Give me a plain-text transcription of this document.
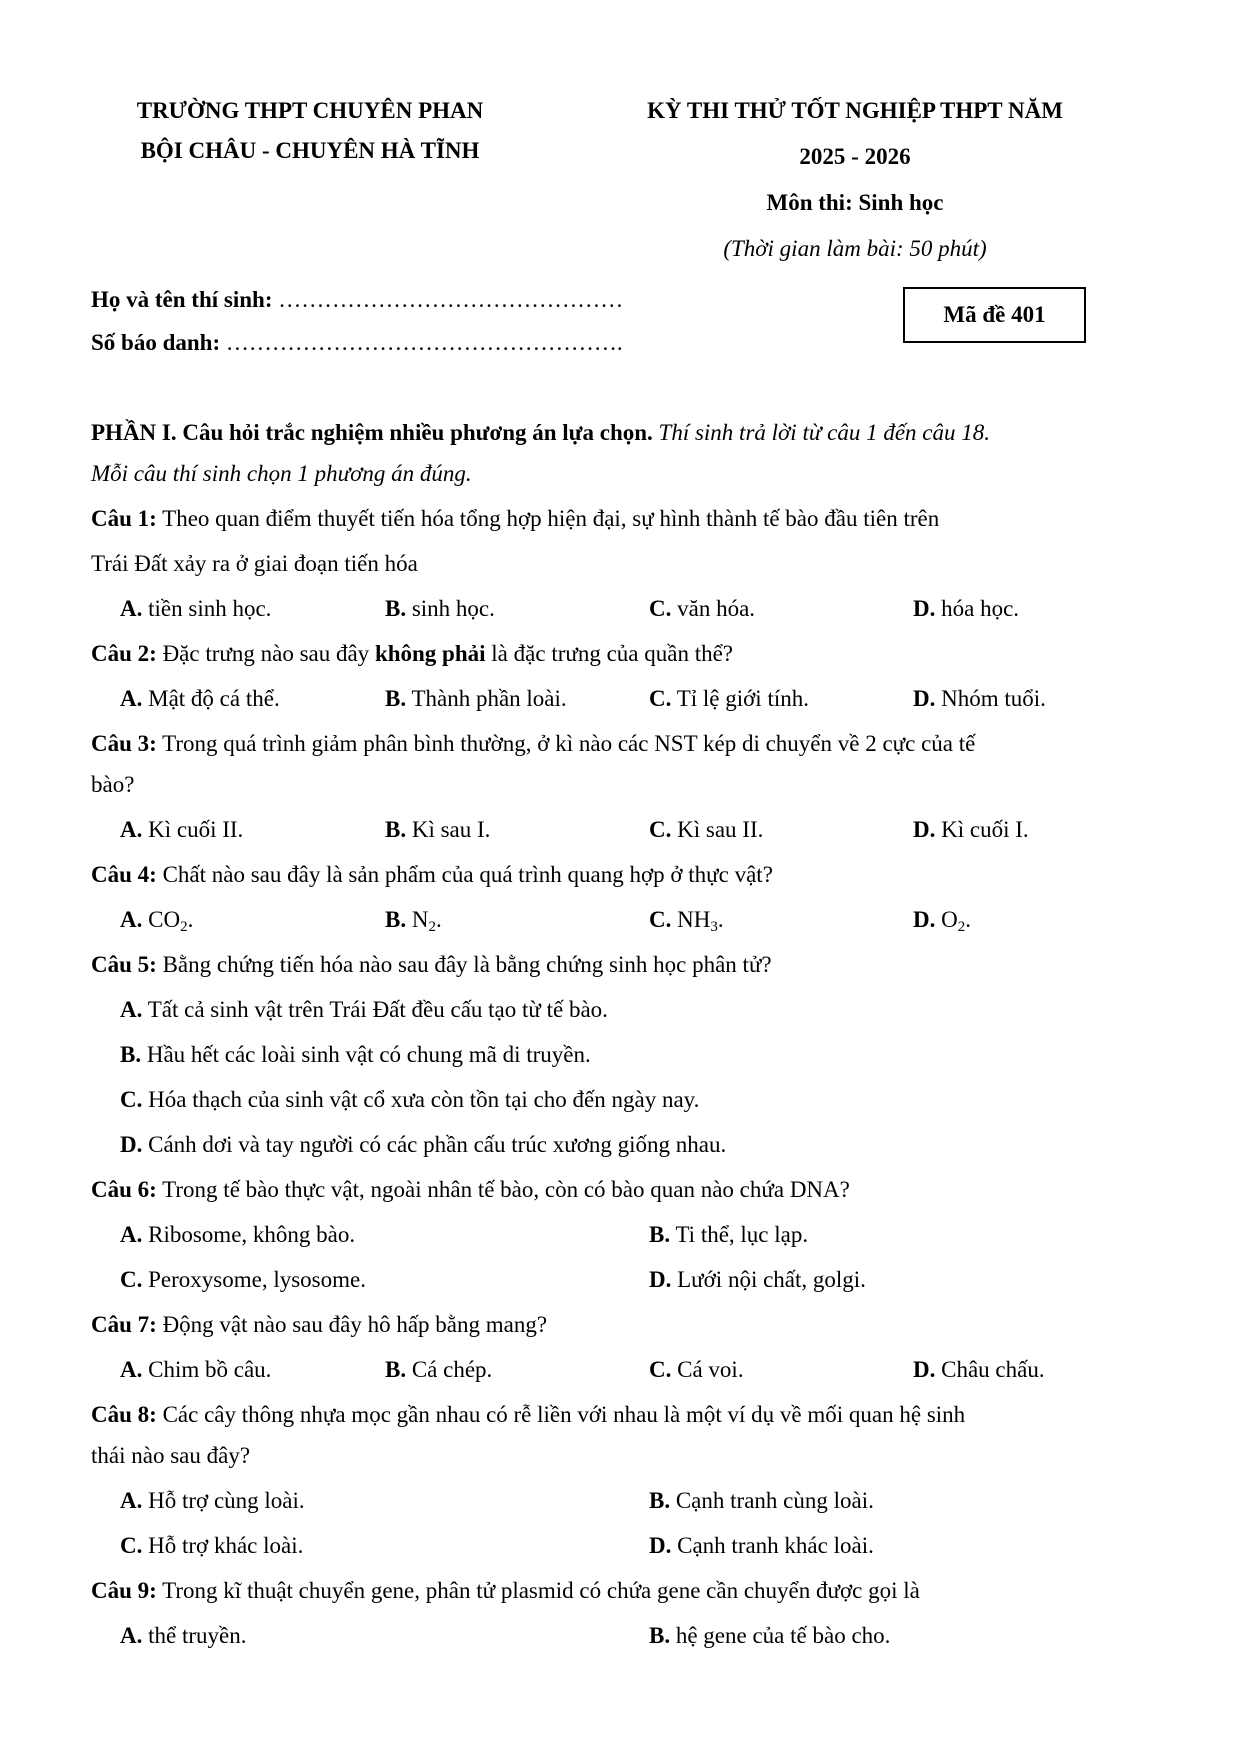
TRƯỜNG THPT CHUYÊN PHAN
BỘI CHÂU - CHUYÊN HÀ TĨNH
KỲ THI THỬ TỐT NGHIỆP THPT NĂM
2025 - 2026
Môn thi: Sinh học
(Thời gian làm bài: 50 phút)
Họ và tên thí sinh: ………………………………………
Số báo danh: …………………………………………….
Mã đề 401
PHẦN I. Câu hỏi trắc nghiệm nhiều phương án lựa chọn. Thí sinh trả lời từ câu 1 đến câu 18.
Mỗi câu thí sinh chọn 1 phương án đúng.
Câu 1: Theo quan điểm thuyết tiến hóa tổng hợp hiện đại, sự hình thành tế bào đầu tiên trên
Trái Đất xảy ra ở giai đoạn tiến hóa
A. tiền sinh học.	B. sinh học.	C. văn hóa.	D. hóa học.
Câu 2: Đặc trưng nào sau đây không phải là đặc trưng của quần thể?
A. Mật độ cá thể.	B. Thành phần loài.	C. Tỉ lệ giới tính.	D. Nhóm tuổi.
Câu 3: Trong quá trình giảm phân bình thường, ở kì nào các NST kép di chuyển về 2 cực của tế
bào?
A. Kì cuối II.	B. Kì sau I.	C. Kì sau II.	D. Kì cuối I.
Câu 4: Chất nào sau đây là sản phẩm của quá trình quang hợp ở thực vật?
A. $CO_2$.	B. $N_2$.	C. $NH_3$.	D. $O_2$.
Câu 5: Bằng chứng tiến hóa nào sau đây là bằng chứng sinh học phân tử?
A. Tất cả sinh vật trên Trái Đất đều cấu tạo từ tế bào.
B. Hầu hết các loài sinh vật có chung mã di truyền.
C. Hóa thạch của sinh vật cổ xưa còn tồn tại cho đến ngày nay.
D. Cánh dơi và tay người có các phần cấu trúc xương giống nhau.
Câu 6: Trong tế bào thực vật, ngoài nhân tế bào, còn có bào quan nào chứa DNA?
A. Ribosome, không bào.	B. Ti thể, lục lạp.
C. Peroxysome, lysosome.	D. Lưới nội chất, golgi.
Câu 7: Động vật nào sau đây hô hấp bằng mang?
A. Chim bồ câu.	B. Cá chép.	C. Cá voi.	D. Châu chấu.
Câu 8: Các cây thông nhựa mọc gần nhau có rễ liền với nhau là một ví dụ về mối quan hệ sinh
thái nào sau đây?
A. Hỗ trợ cùng loài.	B. Cạnh tranh cùng loài.
C. Hỗ trợ khác loài.	D. Cạnh tranh khác loài.
Câu 9: Trong kĩ thuật chuyển gene, phân tử plasmid có chứa gene cần chuyển được gọi là
A. thể truyền.	B. hệ gene của tế bào cho.
